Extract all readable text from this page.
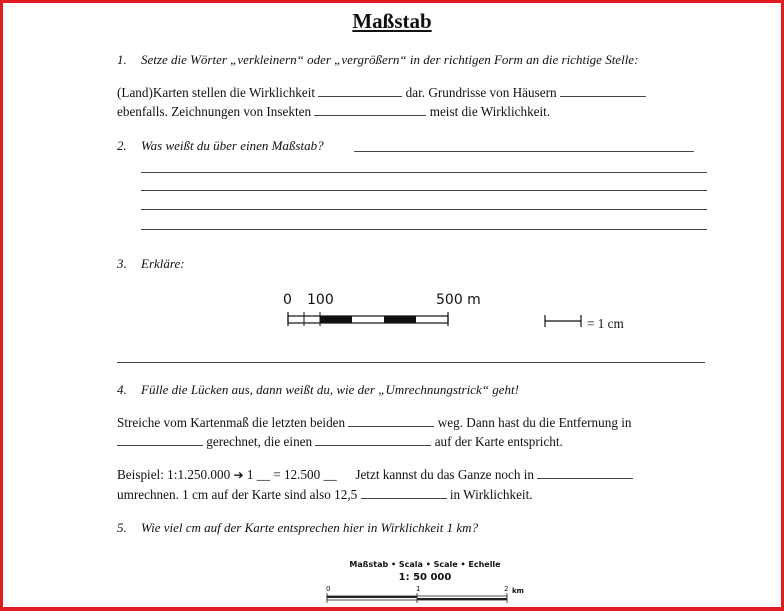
Maßstab
1. Setze die Wörter „verkleinern“ oder „vergrößern“ in der richtigen Form an die richtige Stelle:
(Land)Karten stellen die Wirklichkeit	dar. Grundrisse von Häusern
ebenfalls. Zeichnungen von Insekten	meist die Wirklichkeit.
2. Was weißt du über einen Maßstab?
3. Erkläre:
0 100	500 m
= 1 cm
4. Fülle die Lücken aus, dann weißt du, wie der „Umrechnungstrick“ geht!
Streiche vom Kartenmaß die letzten beiden	weg. Dann hast du die Entfernung in
gerechnet, die einen	auf der Karte entspricht.
Beispiel: 1:1.250.000 ➔ 1 __ = 12.500 __ Jetzt kannst du das Ganze noch in
umrechnen. 1 cm auf der Karte sind also 12,5	in Wirklichkeit.
5. Wie viel cm auf der Karte entsprechen hier in Wirklichkeit 1 km?
Maßstab • Scala • Scale • Echelle
1: 50 000
0	1	2 km
